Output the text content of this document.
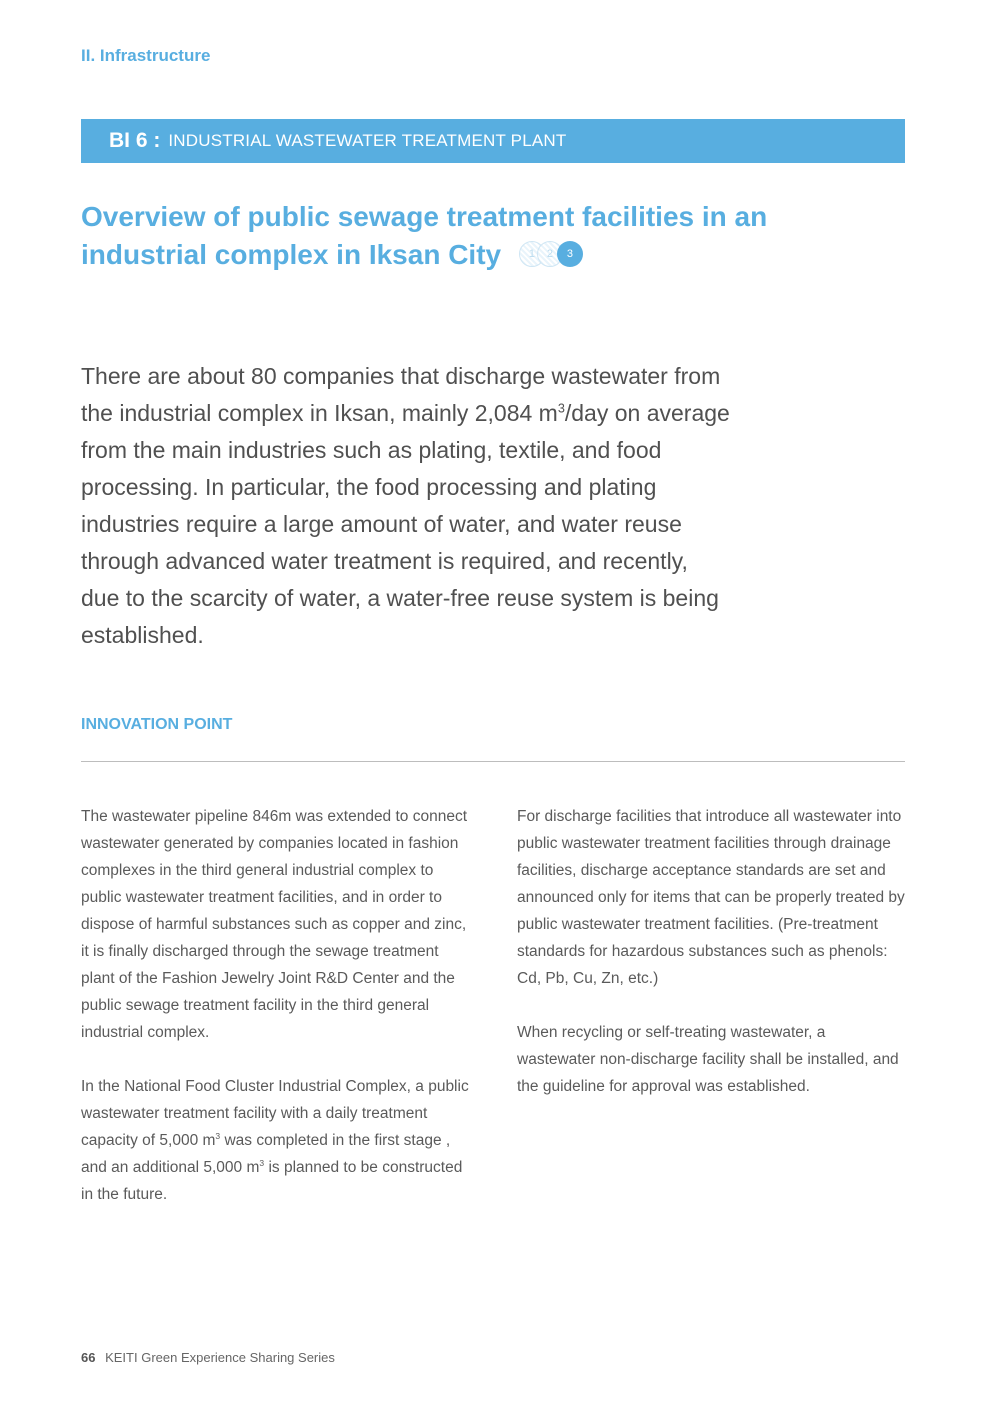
II. Infrastructure
BI 6 : INDUSTRIAL WASTEWATER TREATMENT PLANT
Overview of public sewage treatment facilities in an
industrial complex in Iksan City	1	2	3
There are about 80 companies that discharge wastewater from the industrial complex in Iksan, mainly 2,084 $m^3$/day on average from the main industries such as plating, textile, and food processing. In particular, the food processing and plating industries require a large amount of water, and water reuse through advanced water treatment is required, and recently, due to the scarcity of water, a water-free reuse system is being established.
INNOVATION POINT

The wastewater pipeline 846m was extended to connect wastewater generated by companies located in fashion complexes in the third general industrial complex to public wastewater treatment facilities, and in order to dispose of harmful substances such as copper and zinc, it is finally discharged through the sewage treatment plant of the Fashion Jewelry Joint R&D Center and the public sewage treatment facility in the third general industrial complex.

In the National Food Cluster Industrial Complex, a public wastewater treatment facility with a daily treatment capacity of 5,000 $m^3$ was completed in the first stage , and an additional 5,000 $m^3$ is planned to be constructed in the future.

For discharge facilities that introduce all wastewater into public wastewater treatment facilities through drainage facilities, discharge acceptance standards are set and announced only for items that can be properly treated by public wastewater treatment facilities. (Pre-treatment standards for hazardous substances such as phenols: Cd, Pb, Cu, Zn, etc.)

When recycling or self-treating wastewater, a wastewater non-discharge facility shall be installed, and the guideline for approval was established.

66 KEITI Green Experience Sharing Series
